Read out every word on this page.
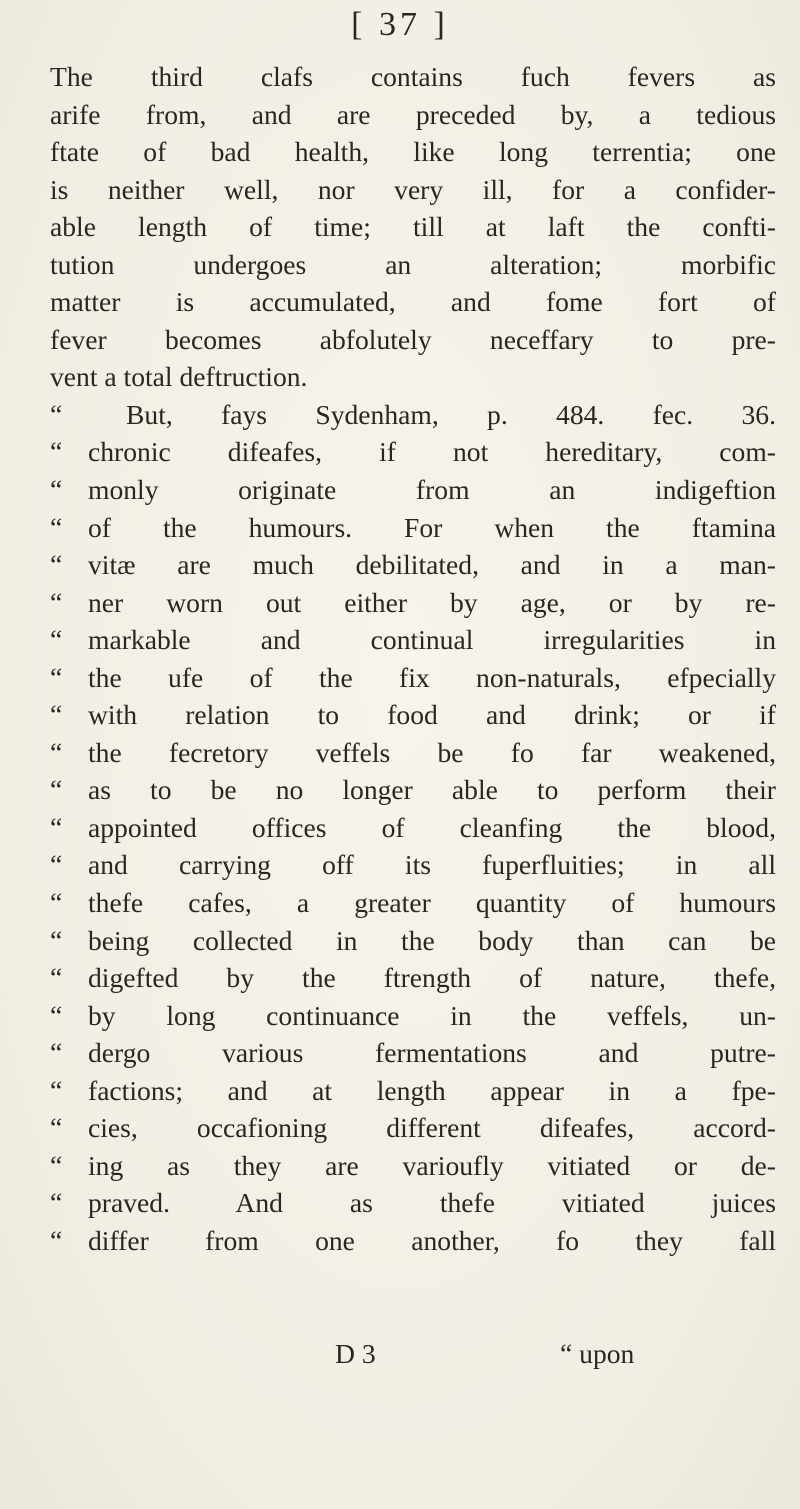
[ 37 ]
The third clafs contains fuch fevers as
arife from, and are preceded by, a tedious
ftate of bad health, like long terrentia; one
is neither well, nor very ill, for a confider-
able length of time; till at laft the confti-
tution undergoes an alteration; morbific
matter is accumulated, and fome fort of
fever becomes abfolutely neceffary to pre-
vent a total deftruction.
“ But, fays Sydenham, p. 484. fec. 36.
“ chronic difeafes, if not hereditary, com-
“ monly originate from an indigeftion
“ of the humours. For when the ftamina
“ vitæ are much debilitated, and in a man-
“ ner worn out either by age, or by re-
“ markable and continual irregularities in
“ the ufe of the fix non-naturals, efpecially
“ with relation to food and drink; or if
“ the fecretory veffels be fo far weakened,
“ as to be no longer able to perform their
“ appointed offices of cleanfing the blood,
“ and carrying off its fuperfluities; in all
“ thefe cafes, a greater quantity of humours
“ being collected in the body than can be
“ digefted by the ftrength of nature, thefe,
“ by long continuance in the veffels, un-
“ dergo various fermentations and putre-
“ factions; and at length appear in a fpe-
“ cies, occafioning different difeafes, accord-
“ ing as they are varioufly vitiated or de-
“ praved. And as thefe vitiated juices
“ differ from one another, fo they fall
D 3	“ upon
